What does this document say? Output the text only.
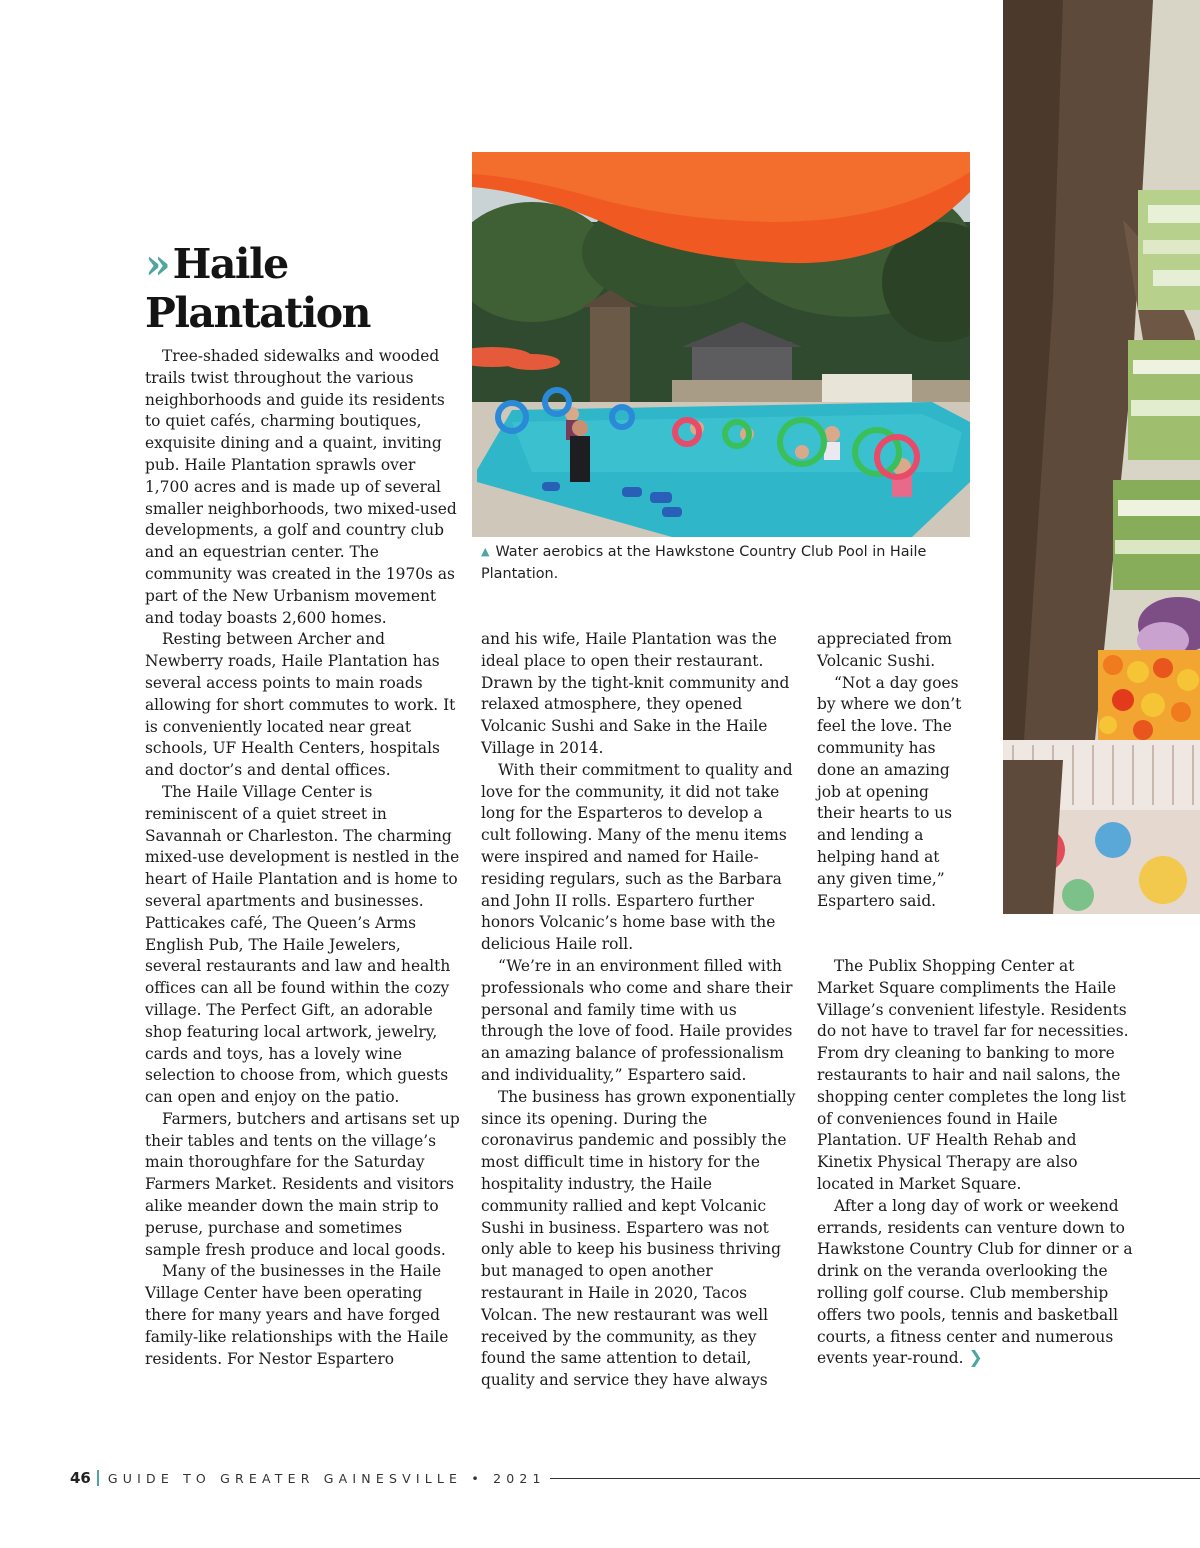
»Haile Plantation

▲ Water aerobics at the Hawkstone Country Club Pool in Haile Plantation.

Tree-shaded sidewalks and wooded trails twist throughout the various neighborhoods and guide its residents to quiet cafés, charming boutiques, exquisite dining and a quaint, inviting pub. Haile Plantation sprawls over 1,700 acres and is made up of several smaller neighborhoods, two mixed-used developments, a golf and country club and an equestrian center. The community was created in the 1970s as part of the New Urbanism movement and today boasts 2,600 homes.

Resting between Archer and Newberry roads, Haile Plantation has several access points to main roads allowing for short commutes to work. It is conveniently located near great schools, UF Health Centers, hospitals and doctor’s and dental offices.

The Haile Village Center is reminiscent of a quiet street in Savannah or Charleston. The charming mixed-use development is nestled in the heart of Haile Plantation and is home to several apartments and businesses. Patticakes café, The Queen’s Arms English Pub, The Haile Jewelers, several restaurants and law and health offices can all be found within the cozy village. The Perfect Gift, an adorable shop featuring local artwork, jewelry, cards and toys, has a lovely wine selection to choose from, which guests can open and enjoy on the patio.

Farmers, butchers and artisans set up their tables and tents on the village’s main thoroughfare for the Saturday Farmers Market. Residents and visitors alike meander down the main strip to peruse, purchase and sometimes sample fresh produce and local goods.

Many of the businesses in the Haile Village Center have been operating there for many years and have forged family-like relationships with the Haile residents. For Nestor Espartero

and his wife, Haile Plantation was the ideal place to open their restaurant. Drawn by the tight-knit community and relaxed atmosphere, they opened Volcanic Sushi and Sake in the Haile Village in 2014.

With their commitment to quality and love for the community, it did not take long for the Esparteros to develop a cult following. Many of the menu items were inspired and named for Haile-residing regulars, such as the Barbara and John II rolls. Espartero further honors Volcanic’s home base with the delicious Haile roll.

“We’re in an environment filled with professionals who come and share their personal and family time with us through the love of food. Haile provides an amazing balance of professionalism and individuality,” Espartero said.

The business has grown exponentially since its opening. During the coronavirus pandemic and possibly the most difficult time in history for the hospitality industry, the Haile community rallied and kept Volcanic Sushi in business. Espartero was not only able to keep his business thriving but managed to open another restaurant in Haile in 2020, Tacos Volcan. The new restaurant was well received by the community, as they found the same attention to detail, quality and service they have always

appreciated from Volcanic Sushi.

“Not a day goes by where we don’t feel the love. The community has done an amazing job at opening their hearts to us and lending a helping hand at any given time,” Espartero said.

The Publix Shopping Center at Market Square compliments the Haile Village’s convenient lifestyle. Residents do not have to travel far for necessities. From dry cleaning to banking to more restaurants to hair and nail salons, the shopping center completes the long list of conveniences found in Haile Plantation. UF Health Rehab and Kinetix Physical Therapy are also located in Market Square.

After a long day of work or weekend errands, residents can venture down to Hawkstone Country Club for dinner or a drink on the veranda overlooking the rolling golf course. Club membership offers two pools, tennis and basketball courts, a fitness center and numerous events year-round. ❯

46 GUIDE TO GREATER GAINESVILLE • 2021
